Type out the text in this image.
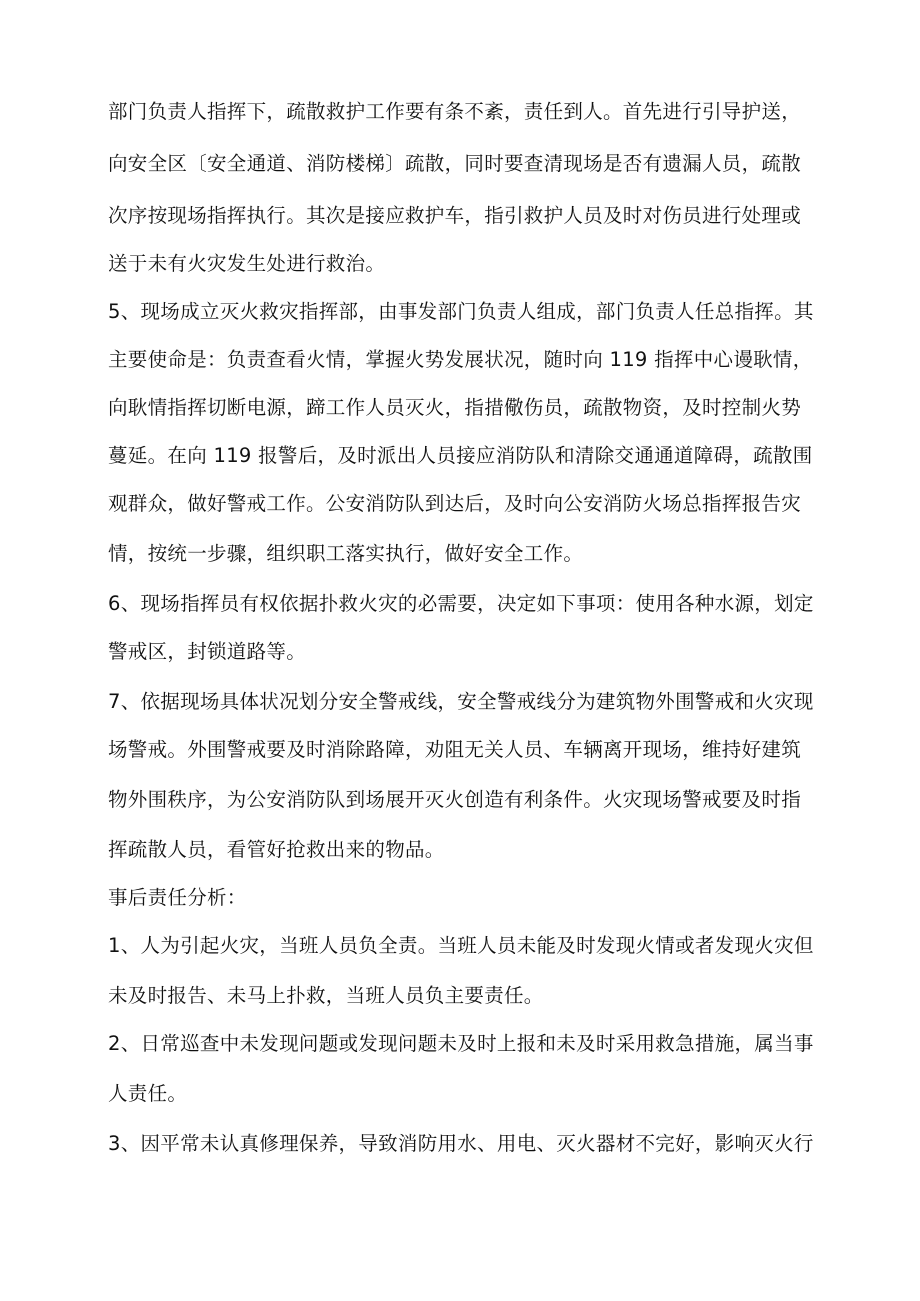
部门负责人指挥下，疏散救护工作要有条不紊，责任到人。首先进行引导护送，
向安全区〔安全通道、消防楼梯〕疏散，同时要查清现场是否有遗漏人员，疏散
次序按现场指挥执行。其次是接应救护车，指引救护人员及时对伤员进行处理或
送于未有火灾发生处进行救治。
5、现场成立灭火救灾指挥部，由事发部门负责人组成，部门负责人任总指挥。其
主要使命是：负责查看火情，掌握火势发展状况，随时向 119 指挥中心谩耿情，
向耿情指挥切断电源，蹄工作人员灭火，指措儆伤员，疏散物资，及时控制火势
蔓延。在向 119 报警后，及时派出人员接应消防队和清除交通通道障碍，疏散围
观群众，做好警戒工作。公安消防队到达后，及时向公安消防火场总指挥报告灾
情，按统一步骤，组织职工落实执行，做好安全工作。
6、现场指挥员有权依据扑救火灾的必需要，决定如下事项：使用各种水源，划定
警戒区，封锁道路等。
7、依据现场具体状况划分安全警戒线，安全警戒线分为建筑物外围警戒和火灾现
场警戒。外围警戒要及时消除路障，劝阻无关人员、车辆离开现场，维持好建筑
物外围秩序，为公安消防队到场展开灭火创造有利条件。火灾现场警戒要及时指
挥疏散人员，看管好抢救出来的物品。
事后责任分析：
1、人为引起火灾，当班人员负全责。当班人员未能及时发现火情或者发现火灾但
未及时报告、未马上扑救，当班人员负主要责任。
2、日常巡查中未发现问题或发现问题未及时上报和未及时采用救急措施，属当事
人责任。
3、因平常未认真修理保养，导致消防用水、用电、灭火器材不完好，影响灭火行
